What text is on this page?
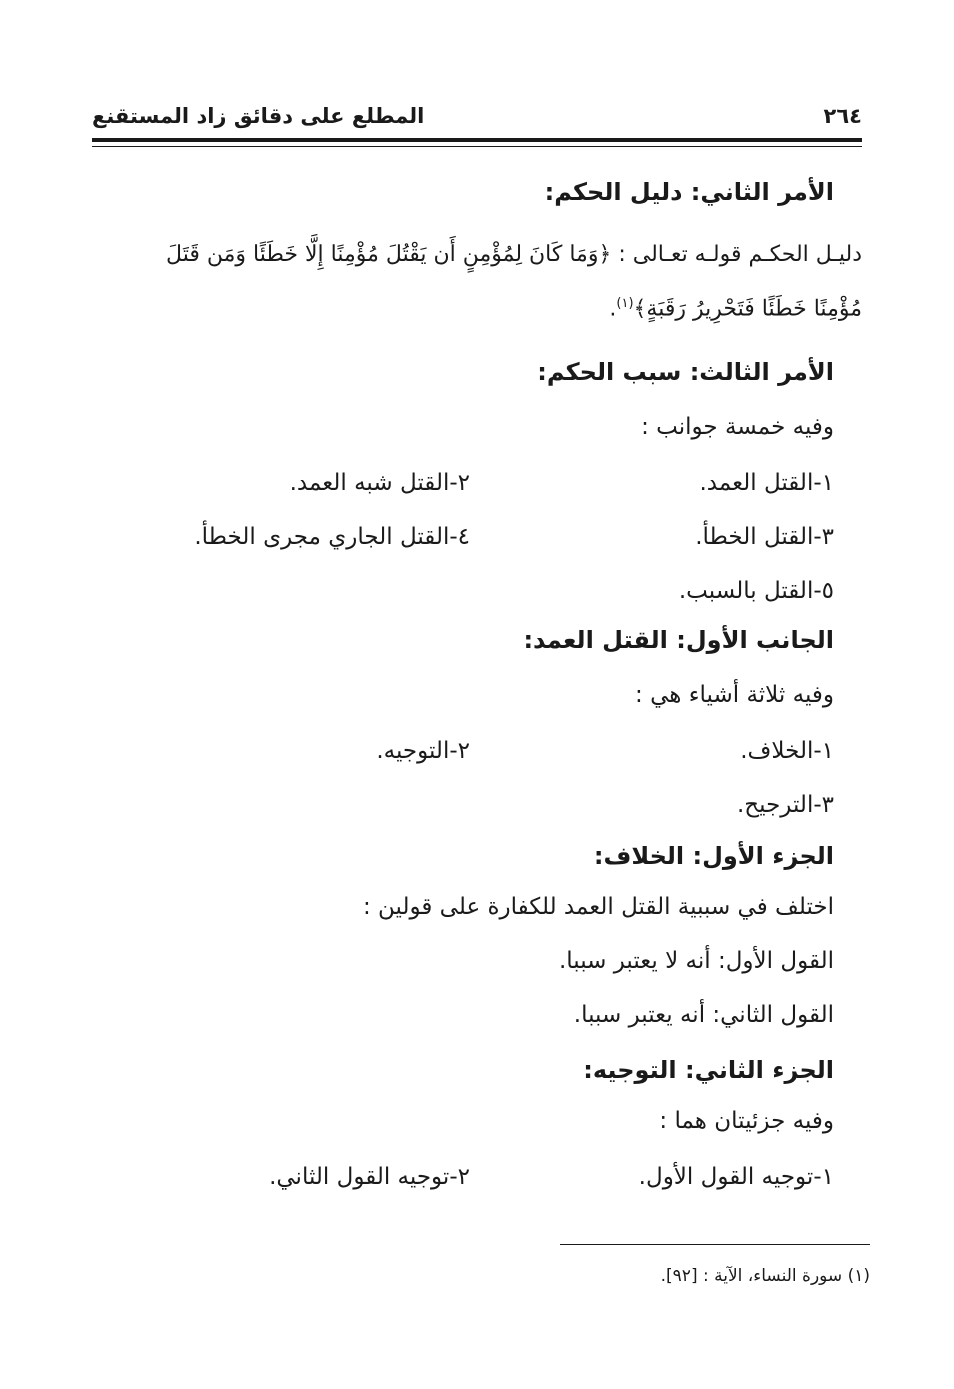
٢٦٤
المطلع على دقائق زاد المستقنع
الأمر الثاني: دليل الحكم:
دليـل الحكـم قولـه تعـالى : ﴿وَمَا كَانَ لِمُؤْمِنٍ أَن يَقْتُلَ مُؤْمِنًا إِلَّا خَطَئًا وَمَن قَتَلَ
مُؤْمِنًا خَطَئًا فَتَحْرِيرُ رَقَبَةٍ﴾$^{(١)}$.
الأمر الثالث: سبب الحكم:
وفيه خمسة جوانب :
١-القتل العمد.
٢-القتل شبه العمد.
٣-القتل الخطأ.
٤-القتل الجاري مجرى الخطأ.
٥-القتل بالسبب.
الجانب الأول: القتل العمد:
وفيه ثلاثة أشياء هي :
١-الخلاف.
٢-التوجيه.
٣-الترجيح.
الجزء الأول: الخلاف:
اختلف في سببية القتل العمد للكفارة على قولين :
القول الأول: أنه لا يعتبر سببا.
القول الثاني: أنه يعتبر سببا.
الجزء الثاني: التوجيه:
وفيه جزئيتان هما :
١-توجيه القول الأول.
٢-توجيه القول الثاني.
(١) سورة النساء، الآية : [٩٢].
